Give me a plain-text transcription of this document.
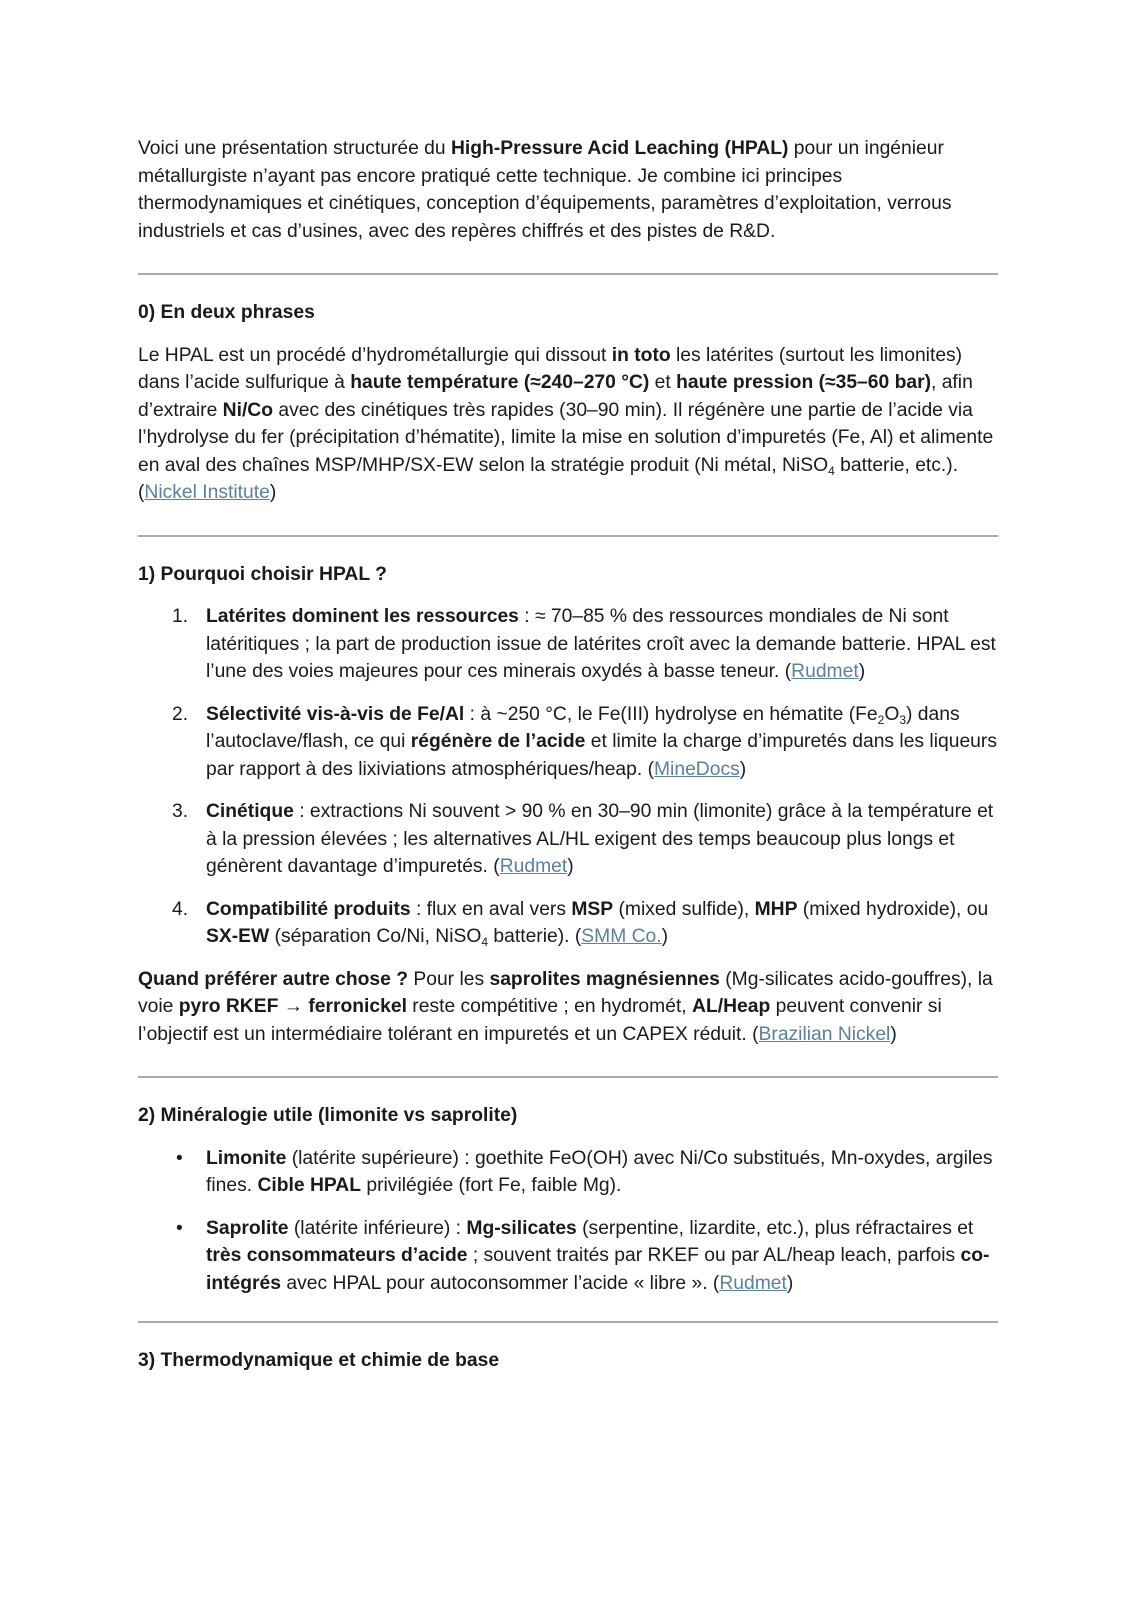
Voici une présentation structurée du High-Pressure Acid Leaching (HPAL) pour un ingénieur métallurgiste n’ayant pas encore pratiqué cette technique. Je combine ici principes thermodynamiques et cinétiques, conception d’équipements, paramètres d’exploitation, verrous industriels et cas d’usines, avec des repères chiffrés et des pistes de R&D.

0) En deux phrases

Le HPAL est un procédé d’hydrométallurgie qui dissout in toto les latérites (surtout les limonites) dans l’acide sulfurique à haute température (≈240–270 °C) et haute pression (≈35–60 bar), afin d’extraire Ni/Co avec des cinétiques très rapides (30–90 min). Il régénère une partie de l’acide via l’hydrolyse du fer (précipitation d’hématite), limite la mise en solution d’impuretés (Fe, Al) et alimente en aval des chaînes MSP/MHP/SX-EW selon la stratégie produit (Ni métal, NiSO$_4$ batterie, etc.). (Nickel Institute)

1) Pourquoi choisir HPAL ?

1. Latérites dominent les ressources : ≈ 70–85 % des ressources mondiales de Ni sont latéritiques ; la part de production issue de latérites croît avec la demande batterie. HPAL est l’une des voies majeures pour ces minerais oxydés à basse teneur. (Rudmet)
2. Sélectivité vis-à-vis de Fe/Al : à ~250 °C, le Fe(III) hydrolyse en hématite $(Fe_2O_3)$ dans l’autoclave/flash, ce qui régénère de l’acide et limite la charge d’impuretés dans les liqueurs par rapport à des lixiviations atmosphériques/heap. (MineDocs)
3. Cinétique : extractions Ni souvent > 90 % en 30–90 min (limonite) grâce à la température et à la pression élevées ; les alternatives AL/HL exigent des temps beaucoup plus longs et génèrent davantage d’impuretés. (Rudmet)
4. Compatibilité produits : flux en aval vers MSP (mixed sulfide), MHP (mixed hydroxide), ou SX-EW (séparation Co/Ni, NiSO$_4$ batterie). (SMM Co.)

Quand préférer autre chose ? Pour les saprolites magnésiennes (Mg-silicates acido-gouffres), la voie pyro RKEF → ferronickel reste compétitive ; en hydromét, AL/Heap peuvent convenir si l’objectif est un intermédiaire tolérant en impuretés et un CAPEX réduit. (Brazilian Nickel)

2) Minéralogie utile (limonite vs saprolite)

• Limonite (latérite supérieure) : goethite FeO(OH) avec Ni/Co substitués, Mn-oxydes, argiles fines. Cible HPAL privilégiée (fort Fe, faible Mg).
• Saprolite (latérite inférieure) : Mg-silicates (serpentine, lizardite, etc.), plus réfractaires et très consommateurs d’acide ; souvent traités par RKEF ou par AL/heap leach, parfois co-intégrés avec HPAL pour autoconsommer l’acide « libre ». (Rudmet)

3) Thermodynamique et chimie de base
